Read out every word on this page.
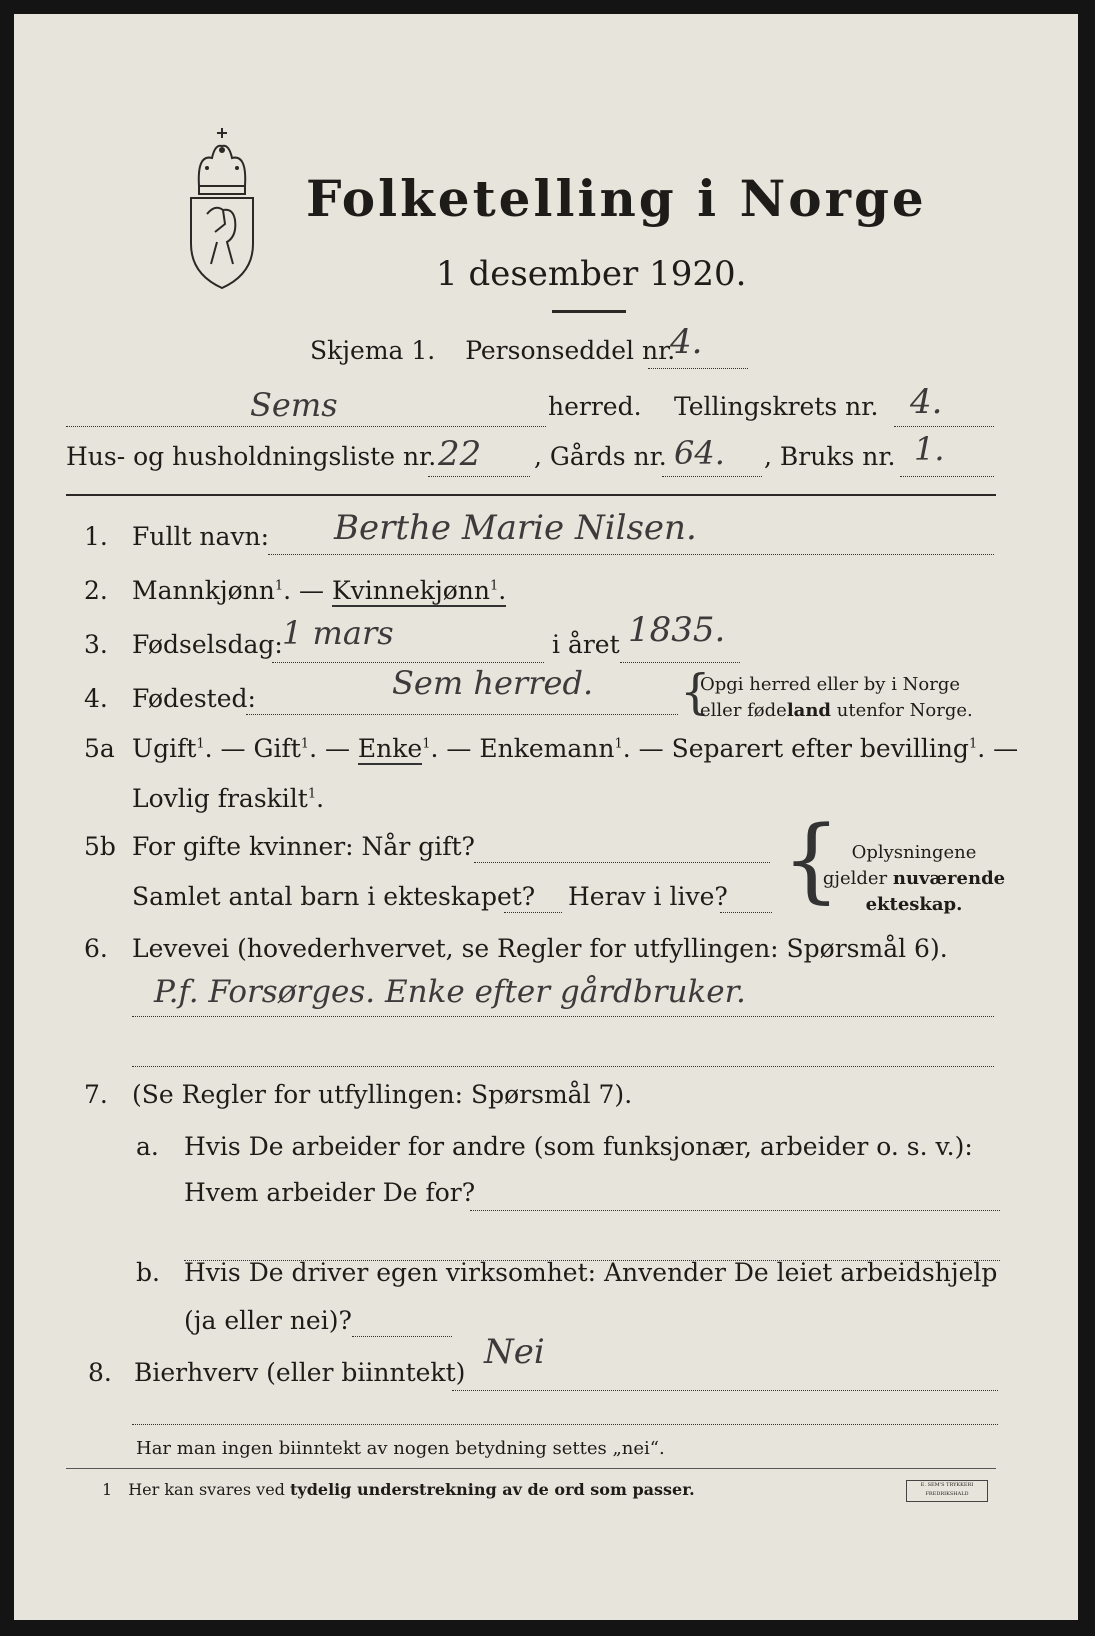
Folketelling i Norge
1 desember 1920.
Skjema 1. Personseddel nr.
4.
Sems	herred. Tellingskrets nr. 4.
Hus- og husholdningsliste nr. 22 , Gårds nr. 64. , Bruks nr. 1.
1. Fullt navn: Berthe Marie Nilsen.
2. Mannkjønn$^1$. — Kvinnekjønn$^1$.
3. Fødselsdag: 1 mars	i året 1835.
4. Fødested:	Sem herred. {
Opgi herred eller by i Norge
eller fødeland utenfor Norge.
5a Ugift$^1$. — Gift$^1$. — Enke$^1$. — Enkemann$^1$. — Separert efter bevilling$^1$. —
Lovlig fraskilt$^1$.
5b For gifte kvinner: Når gift?
Samlet antal barn i ekteskapet? Herav i live? { Oplysningene
gjelder nuværende
ekteskap.
6. Levevei (hovederhvervet, se Regler for utfyllingen: Spørsmål 6).
P.f. Forsørges. Enke efter gårdbruker.
7. (Se Regler for utfyllingen: Spørsmål 7).
a. Hvis De arbeider for andre (som funksjonær, arbeider o. s. v.):
Hvem arbeider De for?
b. Hvis De driver egen virksomhet: Anvender De leiet arbeidshjelp
(ja eller nei)?
8. Bierhverv (eller biinntekt)
Nei
Har man ingen biinntekt av nogen betydning settes „nei“.
1 Her kan svares ved tydelig understrekning av de ord som passer.	E. SEM'S TRYKKERI FREDRIKSHALD
